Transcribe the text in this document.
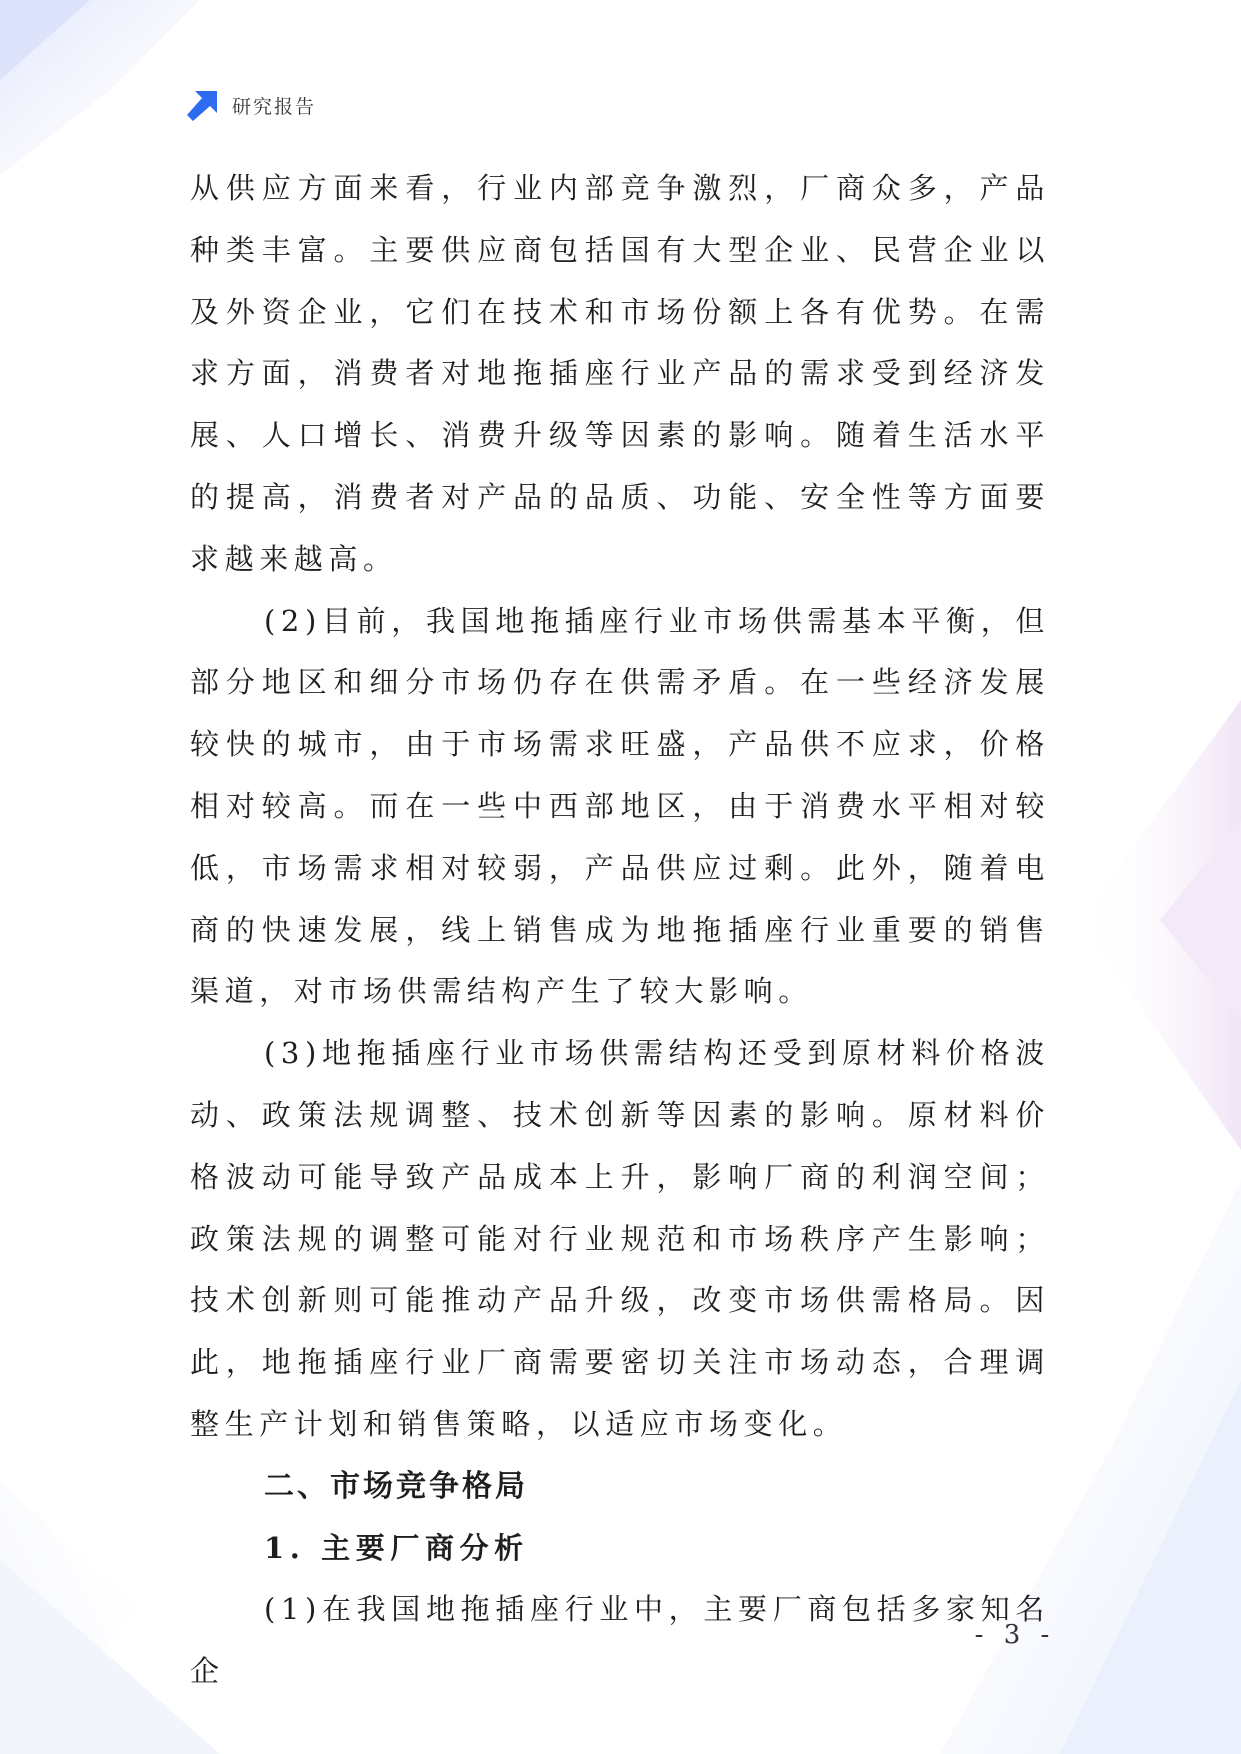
研究报告

从供应方面来看，行业内部竞争激烈，厂商众多，产品种类丰富。主要供应商包括国有大型企业、民营企业以及外资企业，它们在技术和市场份额上各有优势。在需求方面，消费者对地拖插座行业产品的需求受到经济发展、人口增长、消费升级等因素的影响。随着生活水平的提高，消费者对产品的品质、功能、安全性等方面要求越来越高。

(2)目前，我国地拖插座行业市场供需基本平衡，但部分地区和细分市场仍存在供需矛盾。在一些经济发展较快的城市，由于市场需求旺盛，产品供不应求，价格相对较高。而在一些中西部地区，由于消费水平相对较低，市场需求相对较弱，产品供应过剩。此外，随着电商的快速发展，线上销售成为地拖插座行业重要的销售渠道，对市场供需结构产生了较大影响。

(3)地拖插座行业市场供需结构还受到原材料价格波动、政策法规调整、技术创新等因素的影响。原材料价格波动可能导致产品成本上升，影响厂商的利润空间；政策法规的调整可能对行业规范和市场秩序产生影响；技术创新则可能推动产品升级，改变市场供需格局。因此，地拖插座行业厂商需要密切关注市场动态，合理调整生产计划和销售策略，以适应市场变化。

二、市场竞争格局
1. 主要厂商分析

(1)在我国地拖插座行业中，主要厂商包括多家知名企

- 3 -
